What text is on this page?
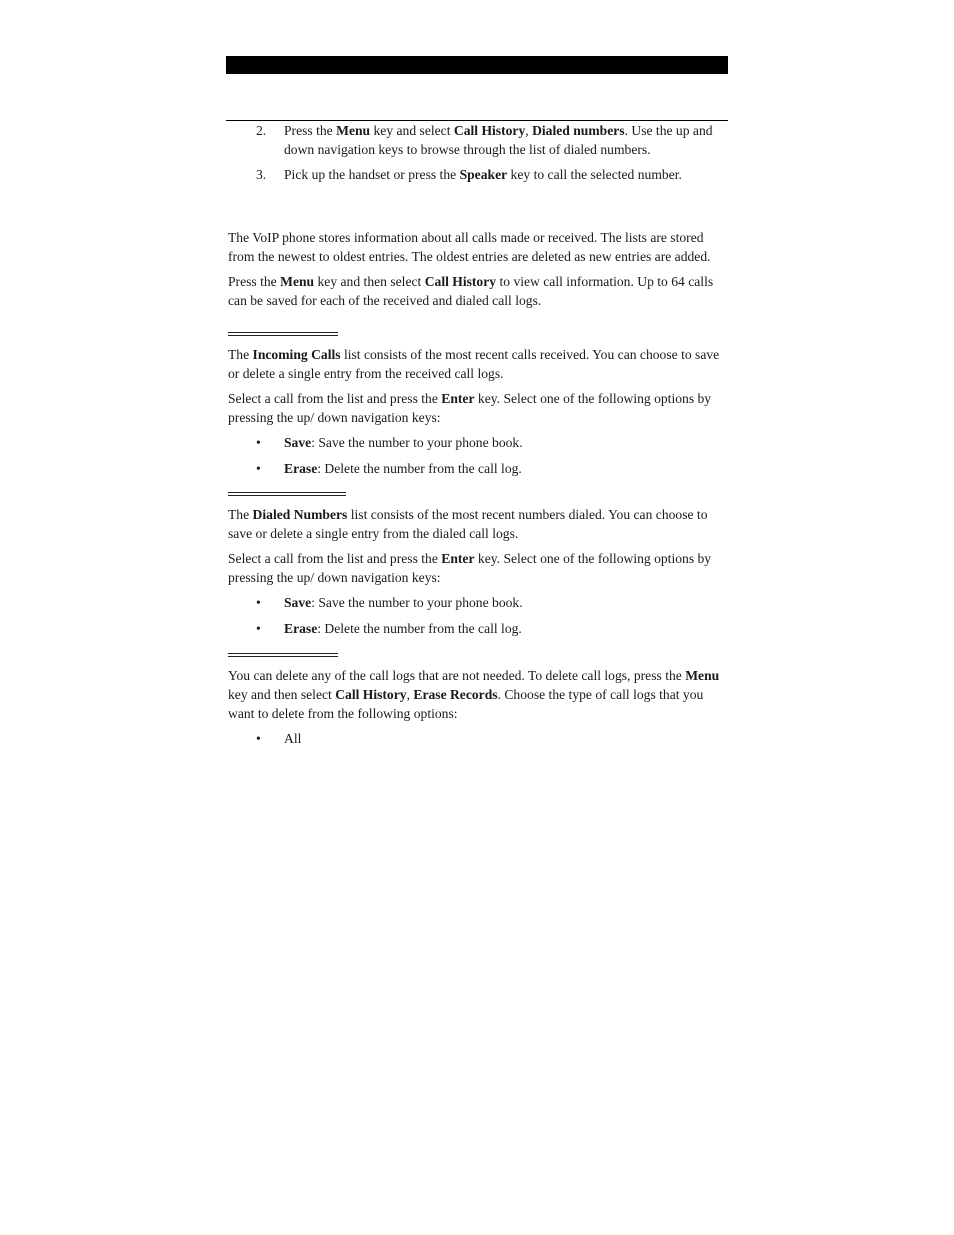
2. Press the Menu key and select Call History, Dialed numbers. Use the up and down navigation keys to browse through the list of dialed numbers.

3. Pick up the handset or press the Speaker key to call the selected number.

The VoIP phone stores information about all calls made or received. The lists are stored from the newest to oldest entries. The oldest entries are deleted as new entries are added.

Press the Menu key and then select Call History to view call information. Up to 64 calls can be saved for each of the received and dialed call logs.

The Incoming Calls list consists of the most recent calls received. You can choose to save or delete a single entry from the received call logs.

Select a call from the list and press the Enter key. Select one of the following options by pressing the up/ down navigation keys:

• Save: Save the number to your phone book.

• Erase: Delete the number from the call log.

The Dialed Numbers list consists of the most recent numbers dialed. You can choose to save or delete a single entry from the dialed call logs.

Select a call from the list and press the Enter key. Select one of the following options by pressing the up/ down navigation keys:

• Save: Save the number to your phone book.

• Erase: Delete the number from the call log.

You can delete any of the call logs that are not needed. To delete call logs, press the Menu key and then select Call History, Erase Records. Choose the type of call logs that you want to delete from the following options:

• All
